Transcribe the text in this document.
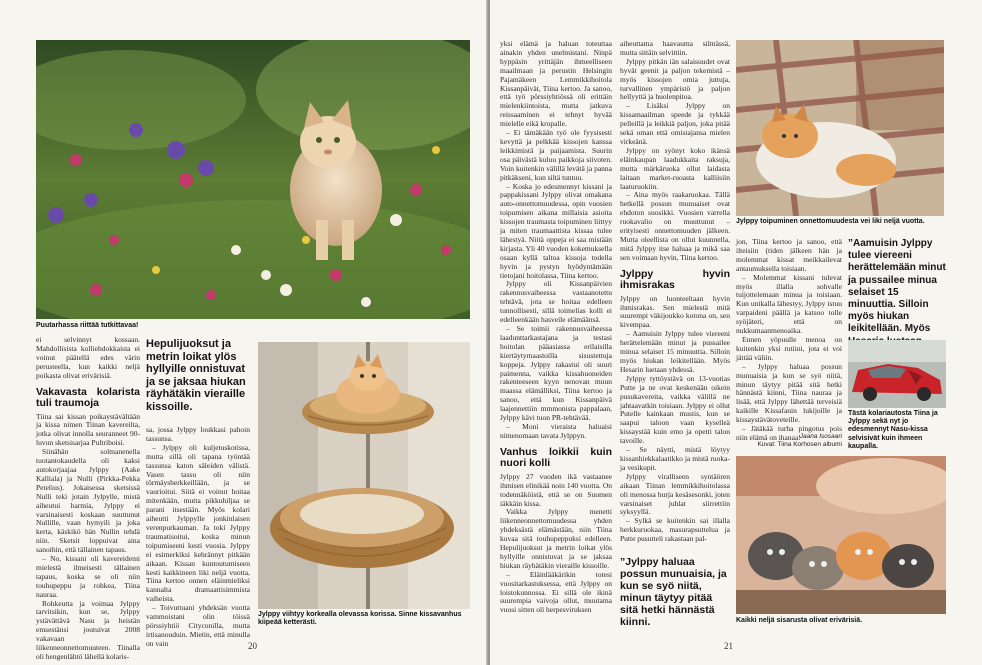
Puutarhassa riittää tutkittavaa!

ei selvinnyt kossaan. Mahdollisista kolliehdokkaista ei voinut päätellä edes värin perusteella, kun kaikki neljä poikasta olivat erivärisiä.

Vakavasta kolarista tuli traumoja

Tiina sai kissan poikaystävältään ja kissa nimen Tiinan kavereilta, jotka olivat innolla seuranneet 90-luvun sketsisarjaa Pultriboisi.

Siinähän solmanenella tuotantokaudella oli kaksi autokorjaajaa Jylppy (Aake Kalliala) ja Nulli (Pirkka-Pekka Petelius). Jokaisessa sketsissä Nulli teki jotain Jylpylle, mistä aiheutui harmia, Jylppy ei varsinaisesti koskaan suuttunut Nullille, vaan hymyili ja joka kerta, käskikö hän Nullin tehdä niin. Sketsit loppuivat aina sanoihin, että tällainen tapaus.

– No, kissani oli kavereidemi mielestä ilmeisesti tällainen tapaus, koska se oli niin touhupeppu ja rohkea, Tiina nauraa.

Rohkeutta ja voimaa Jylppy tarvitsikin, kun se, Jylppy ystävättävä Nasu ja heistän emsestänsi joutuivat 2008 vakavaan liikenneonnettomuuteen. Tiinalla oli hengenlähtö lähellä kolaris-

Hepulijuoksut ja metrin loikat ylös hyllyille onnistuvat ja se jaksaa hiukan räyhätäkin vieraille kissoille.

sa, jossa Jylppy loukkasi pahoin tassunsa.

– Jylppy oli kuljetuskotissa, mutta sillä oli tapana työntää tassunsa katon säleiden välistä. Vasen tassu oli niin törmäysherkkeillään, ja se vaurioitui. Siitä ei voinut hoitaa mitenkään, mutta pikkuhiljaa se parani itsestään. Myös kolari aiheutti Jylppylle jonkinlaisen verenpurkauman. Ja tokí Jylppy traumatisoitui, koska minun toipumiseeni kesti vuosia. Jylppy ei esimerkiksi kehrännyt pitkään aikaan. Kissan kuntoutumiseen kesti kaikkineen liki neljä vuotta, Tiina kertoo onnen eläinmieliksi kannalta dramaattisimmista vaiheista.

– Toivuttuani yhdeksän vuotta vammoistani olin töissä pörssiyhtiö Cityconilla, mutta irtisanouduin. Mietin, että minulla on vain

Jylppy viihtyy korkealla olevassa korissa. Sinne kissavanhus kiipeää ketterästi.
20

yksi elämä ja haluan toteuttaa ainakin yhden unelmistani. Ninpä hyppäsin yrittäjän ihmeelliseen maailmaan ja perustin Helsingin Pajamäkeen Lemmikkihoitola Kissanpäivät, Tiina kertoo. Ja sanoo, että työ pörssiyhtiössä oli erittäin mielenkiintoista, mutta jatkuva reissaaminen ei tehnyt hyvää mielelle eikä kropalle.

– Ei tämäkään työ ole fyysisesti kevyttä ja pelkkää kissojen kanssa leikkimistä ja paijaamista. Suurin osa päivästä kuluu paikkoja siivoten. Voin kuitenkin välillä levätä ja panna pitkäkseni, kun siltä tuntuu.

– Koska jo edesmennyt kissani ja pappakissani Jylppy olivat omakana auto-onnettomuudessa, opin vuosien toipumisen aikana millaisia asioita kissojen traumasta toipuminen liittyy ja miten traumaattista kissaa tulee lähestyä. Niitä oppeja ei saa mistään kirjasta. Yli 40 vuoden kokemuksella osaan kyllä taltoa kissoja todella hyvin ja pystyn hyödyntämään tietojani hoitolassa, Tiina kertoo.

Jylppy oli Kissanpäivien rakennusvaiheessa vastaanotettu tehtävä, jota se hoitaa edelleen tunnollisesti, sillä toimelias kolli ei edelleenkään hasveile elämäänsä.

– Se toimii rakennusvaiheessa laadunttarkastajana ja testasi hoitolan pääasiassa erilaisilla kiertäytymaastoilla sisustettuja koppeja. Jylppy rakastui oli suuri paimenna, vaikka kissahuoneiden rakenteeseen kyyn nenovan muun maassa elämälliksi, Tiina kertoo ja sanoo, että kun Kissanpäivä laajennettiin mmmonista pappalaan, Jylppy kävi tuon PR-tehtävää.

– Moni vieraista haluaisi nimenomaan tavata Jylppyn.

Vanhus loikkii kuin nuori kolli

Jylppy 27 vuoden ikä vastaanee ihmisen elinikää noin 140 vuotta. On todennäköistä, että se on Suomen iäkkäin kissa.

Vaikka Jylppy menetti liikenneonnettomuudessa yhden yhdeksästä elämästään, niin Tiina kuvaa sitä touhupeppuksi edelleen. Hepulijuoksut ja metrin loikat ylös hyllyille onnistuvat ja se jaksaa hiukan räyhätäkin vieraille kissoille.

– Eläinlääkärikin totesi vuositarkastuksessa, että Jylppy on loistokunnossa. Ei sillä ole ikinä suurempia vaivoja ollut, muutama vuosi sitten oli herpesviruksen

aiheuttama haavauma silmässä, mutta sittäin selvittiin.

Jylppy pitkän iän salaisuudet ovat hyvät geenit ja paljon tekemistä – myös kissojen omia juttuja, turvallinen ympäristö ja paljon hellyyttä ja huolenpitoa.

– Lisäksi Jylppy on kissamaailman speede ja tykkää pelleillä ja leikkiä paljon, joka pitää sekä oman että omistajansa mielen virkeänä.

Jylppy on syönyt koko ikänsä eläinkaupan laadukkaita raksuja, mutta märkäruoka ollut laidasta laitaan market-ruoasta kalliisiin laaturuokiin.

– Aina myös raakaruokaa. Tällä hetkellä possun munuaiset ovat ehdoton suosikki. Vuosien varrella ruokavalio on muuttunut – erityisesti onnettomuuden jälkeen. Mutta oleellista on ollut kuunnella, mitä Jylppy itse haluaa ja mikä saa sen voimaan hyvin, Tiina kertoo.

Jylppy hyvin ihmisrakas

Jylppy on luonteeltaan hyvin ihmisrakas. Sen mielestä mitä suurempi väkijoukko kotona on, sen kivempaa.

– Aamuisin Jylppy tulee viereeni herättelemään minut ja pussailee minua selaiset 15 minuuttia. Silloin myös hiukan leikitellään. Myös Hesarin luetaan yhdessä.

Jylppy tyttöystävä on 13-vuotias Putte ja ne ovat keskenään oikein pusukavereita, vaikka välillä ne jahtaavatkin toisiaan. Jylppy ei ollut Putelle kainkaan mustis, kun se saapui taloon vaan kyselleä kissaystää kuin emo ja opetti talon tavoille.

– Se näytti, mistä löytyy kissanhiekkalaatikko ja mistä ruoka- ja vesikupit.

Jylppy viralliseen syntäören aikaan Tiinan lemmikkihoitolassa oli menossa hurja kesäsesonki, joten varsinaiset juhlat siirrettiin syksyyllä.

– Sylkä se kuitenkin sai illalla herkkuruokaa, masurapsuttelua ja Putte pusutteli rakastaan pal-

”Jylppy haluaa possun munuaisia, ja kun se syö niitä, minun täytyy pitää sitä hetki hännästä kiinni.
Jylppy toipuminen onnettomuudesta vei liki neljä vuotta.

jon, Tiina kertoo ja sanoo, että ilteisiin (tiden jälkeen hän ja molemmat kissat meikkailevat antaumuksella toisiaan.

– Molemmat kissani tulevat myös illalla sohvalle tuijottelemaan minua ja toisiaan. Kun unikalla lähestyy, Jylppy istuu varpaideni päällä ja katsoo tolle syöjäteri, että on nukkumaanmenoaika.

Ennen yöpuulle menoa on kuitenkin yksi rutiini, jota ei voi jättää väliin.

– Jylppy haluaa possun munuaisia ja kun se syö niitä, minun täytyy pitää sitä hetki hännästä kiinni, Tiina nauraa ja lisää, että Jylppy lähettää terveisiä kaikille Kissafanin lukijoille ja kissaystävätoveteille.

– Jätäkää turha pingotus pois niin elämä on ihanaa!

Jaana Isosaari
Kuvat: Tiina Korhosen albumi
”Aamuisin Jylppy tulee viereeni herättelemään minut ja pussailee minua selaiset 15 minuuttia. Silloin myös hiukan leikitellään. Myös
Tästä kolariautosta Tiina ja Jylppy sekä nyt jo edesmennyt Nasu-kissa selvisivät kuin ihmeen kaupalla.
Kaikki neljä sisarusta olivat erivärisiä.
21
